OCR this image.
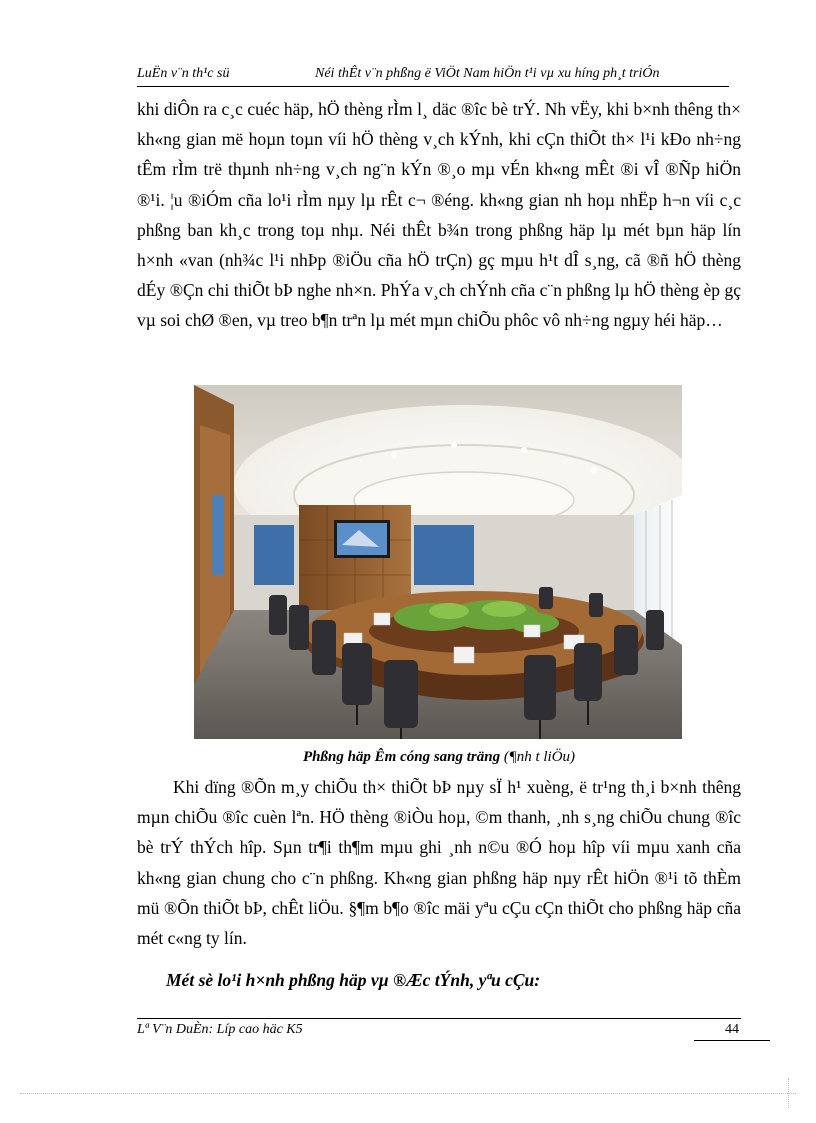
LuËn v¨n th¹c sü	Néi thÊt v¨n phßng ë ViÖt Nam hiÖn t¹i vµ xu híng ph¸t triÓn

khi diÔn ra c¸c cuéc häp, hÖ thèng rÌm l¸ däc ®îc bè trÝ. Nh vËy, khi b×nh thêng th× kh«ng gian më hoµn toµn víi hÖ thèng v¸ch kÝnh, khi cÇn thiÕt th× l¹i kÐo nh÷ng tÊm rÌm trë thµnh nh÷ng v¸ch ng¨n kÝn ®¸o mµ vÉn kh«ng mÊt ®i vÎ ®Ñp hiÖn ®¹i. ¦u ®iÓm cña lo¹i rÌm nµy lµ rÊt c¬ ®éng. kh«ng gian nh hoµ nhËp h¬n víi c¸c phßng ban kh¸c trong toµ nhµ. Néi thÊt b¾n trong phßng häp lµ mét bµn häp lín h×nh «van (nh¾c l¹i nhÞp ®iÖu cña hÖ trÇn) gç mµu h¹t dÎ s¸ng, cã ®ñ hÖ thèng dÉy ®Çn chi thiÕt bÞ nghe nh×n. PhÝa v¸ch chÝnh cña c¨n phßng lµ hÖ thèng èp gç vµ soi chØ ®en, vµ treo b¶n trªn lµ mét mµn chiÕu phôc vô nh÷ng ngµy héi häp…

Phßng häp Êm cóng sang träng (¶nh t liÖu)

Khi dïng ®Õn m¸y chiÕu th× thiÕt bÞ nµy sÏ h¹ xuèng, ë tr¹ng th¸i b×nh thêng mµn chiÕu ®îc cuèn lªn. HÖ thèng ®iÒu hoµ, ©m thanh, ¸nh s¸ng chiÕu chung ®îc bè trÝ thÝch hîp. Sµn tr¶i th¶m mµu ghi ¸nh n©u ®Ó hoµ hîp víi mµu xanh cña kh«ng gian chung cho c¨n phßng. Kh«ng gian phßng häp nµy rÊt hiÖn ®¹i tõ thÈm mü ®Õn thiÕt bÞ, chÊt liÖu. §¶m b¶o ®îc mäi yªu cÇu cÇn thiÕt cho phßng häp cña mét c«ng ty lín.

Mét sè lo¹i h×nh phßng häp vµ ®Æc tÝnh, yªu cÇu:
Lª V¨n DuÈn: Líp cao häc K5	44
